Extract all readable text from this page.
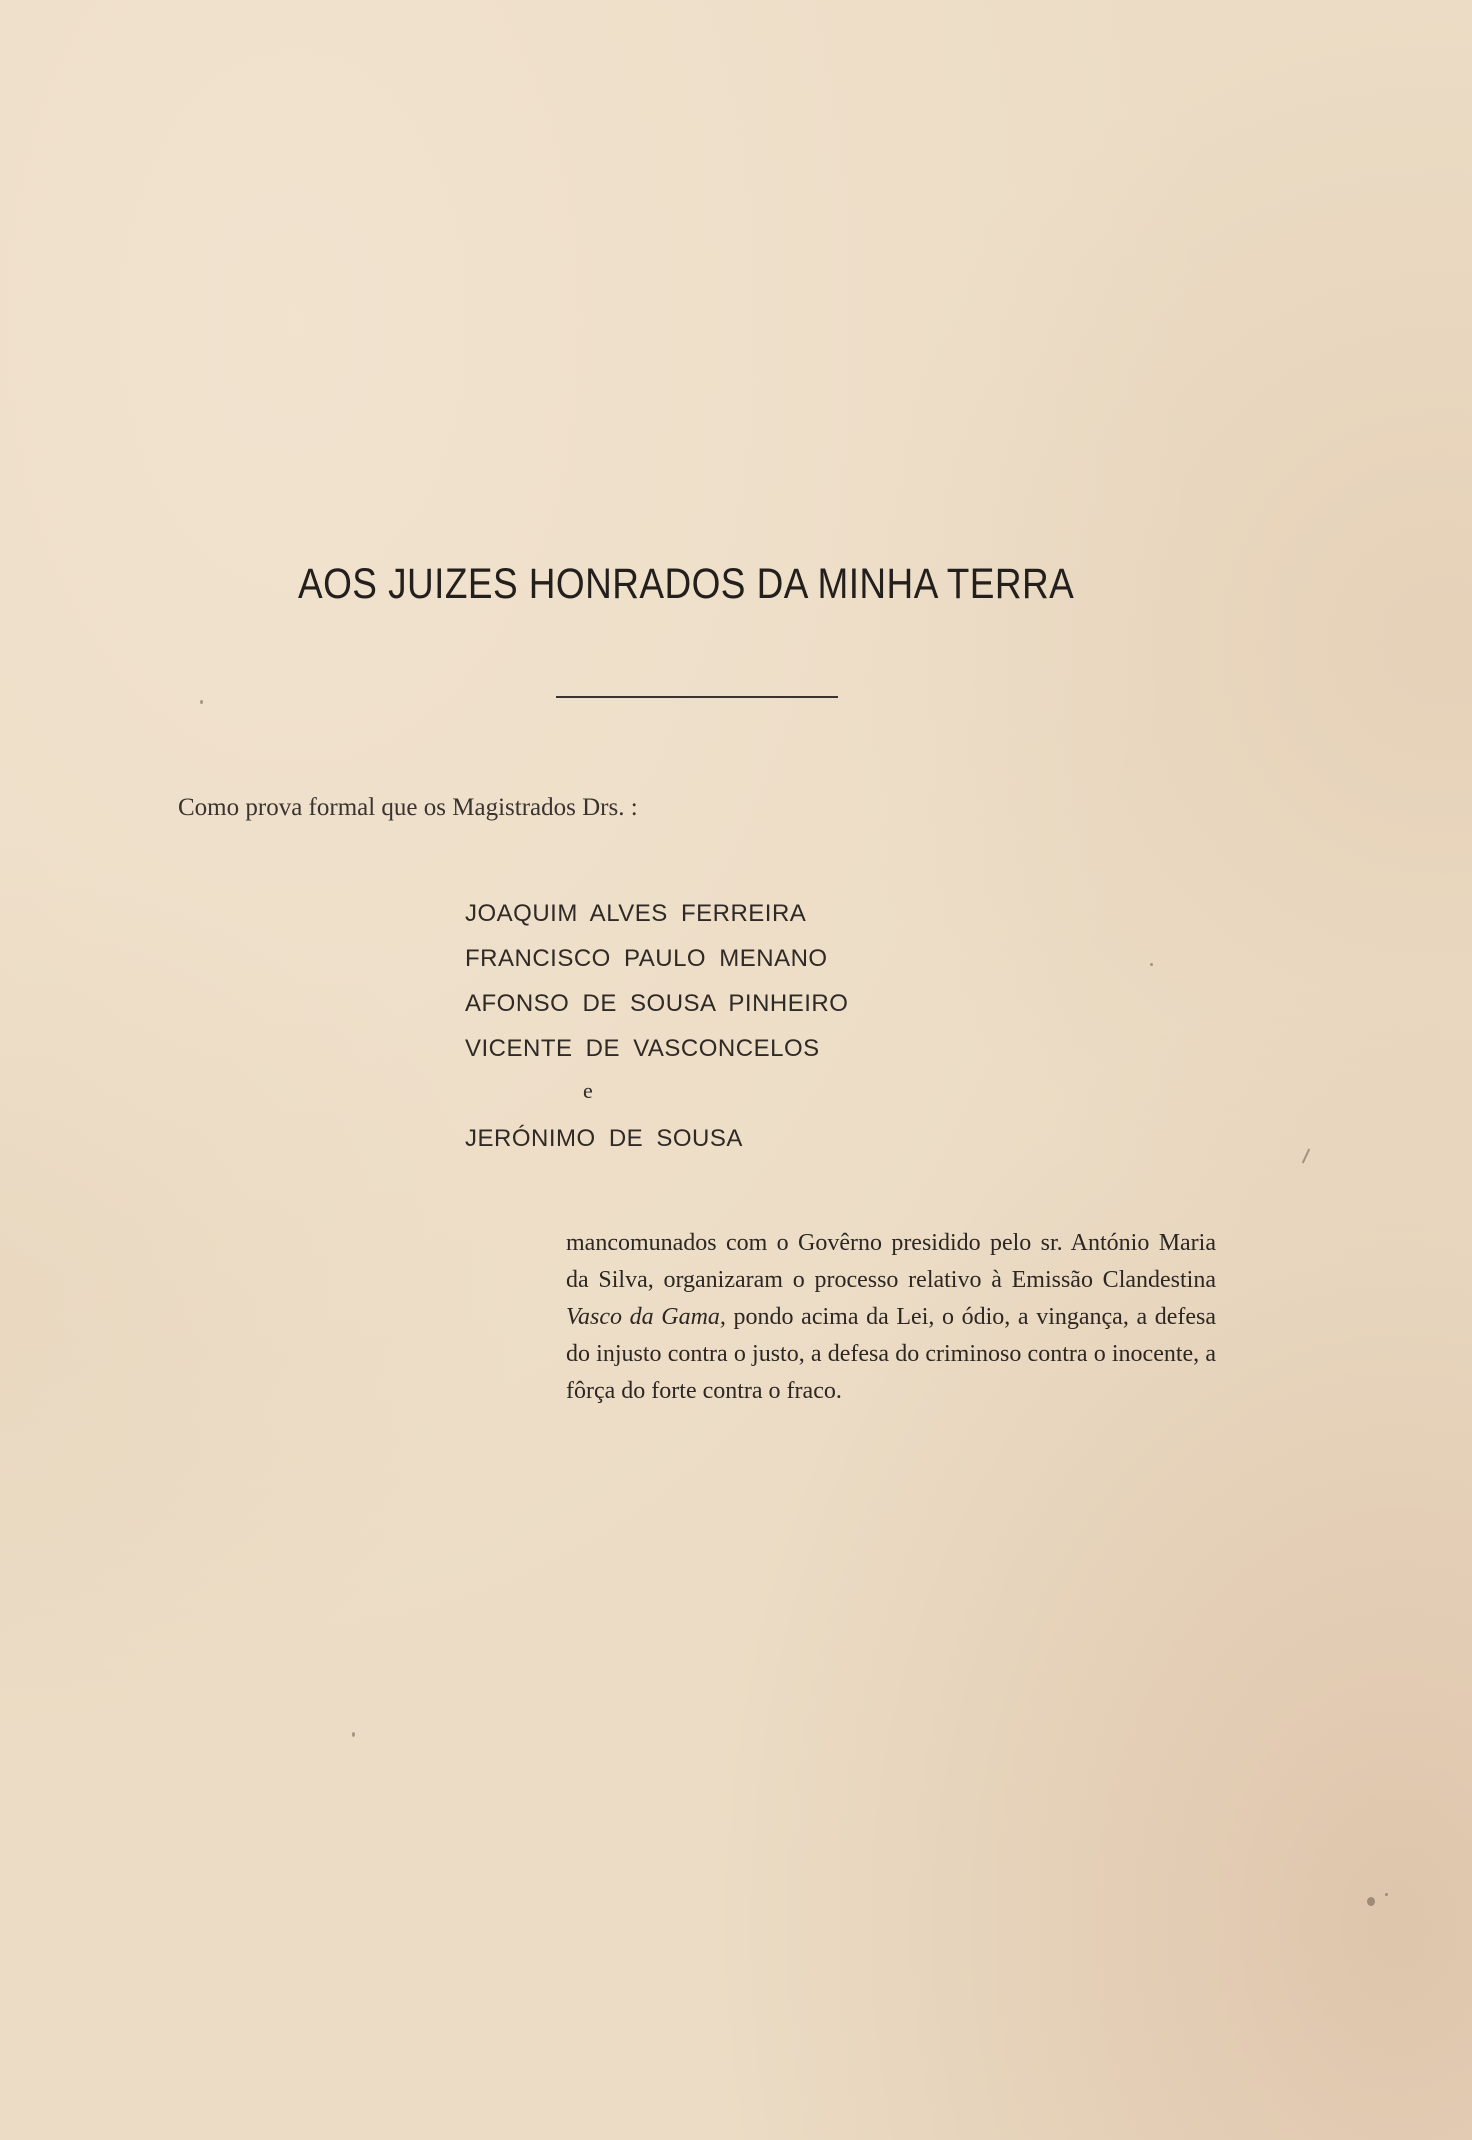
AOS JUIZES HONRADOS DA MINHA TERRA
Como prova formal que os Magistrados Drs. :
JOAQUIM ALVES FERREIRA
FRANCISCO PAULO MENANO
AFONSO DE SOUSA PINHEIRO
VICENTE DE VASCONCELOS
e
JERÓNIMO DE SOUSA
mancomunados com o Govêrno presidido pelo sr. António Maria da Silva, organizaram o processo relativo à Emissão Clandestina Vasco da Gama, pondo acima da Lei, o ódio, a vingança, a defesa do injusto contra o justo, a defesa do criminoso contra o inocente, a fôrça do forte contra o fraco.
